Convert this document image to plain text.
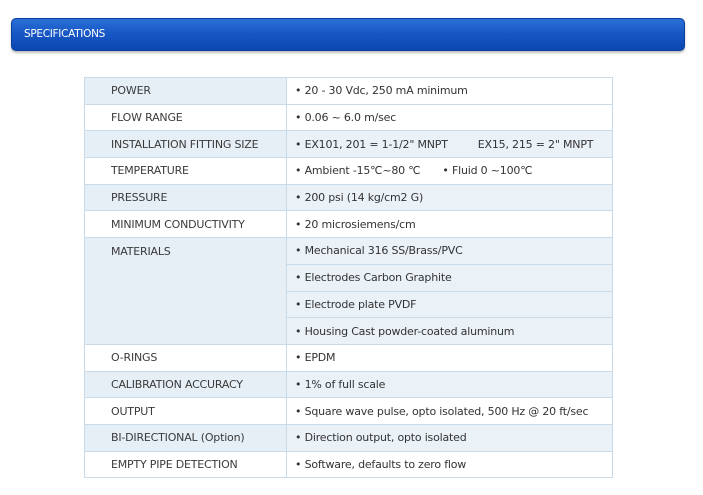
SPECIFICATIONS
POWER	• 20 - 30 Vdc, 250 mA minimum
FLOW RANGE	• 0.06 ~ 6.0 m/sec
INSTALLATION FITTING SIZE	• EX101, 201 = 1-1/2" MNPT EX15, 215 = 2" MNPT
TEMPERATURE	• Ambient -15℃~80 ℃ • Fluid 0 ~100℃
PRESSURE	• 200 psi (14 kg/cm2 G)
MINIMUM CONDUCTIVITY	• 20 microsiemens/cm
MATERIALS	• Mechanical 316 SS/Brass/PVC
	• Electrodes Carbon Graphite
	• Electrode plate PVDF
	• Housing Cast powder-coated aluminum
O-RINGS	• EPDM
CALIBRATION ACCURACY	• 1% of full scale
OUTPUT	• Square wave pulse, opto isolated, 500 Hz @ 20 ft/sec
BI-DIRECTIONAL (Option)	• Direction output, opto isolated
EMPTY PIPE DETECTION	• Software, defaults to zero flow
